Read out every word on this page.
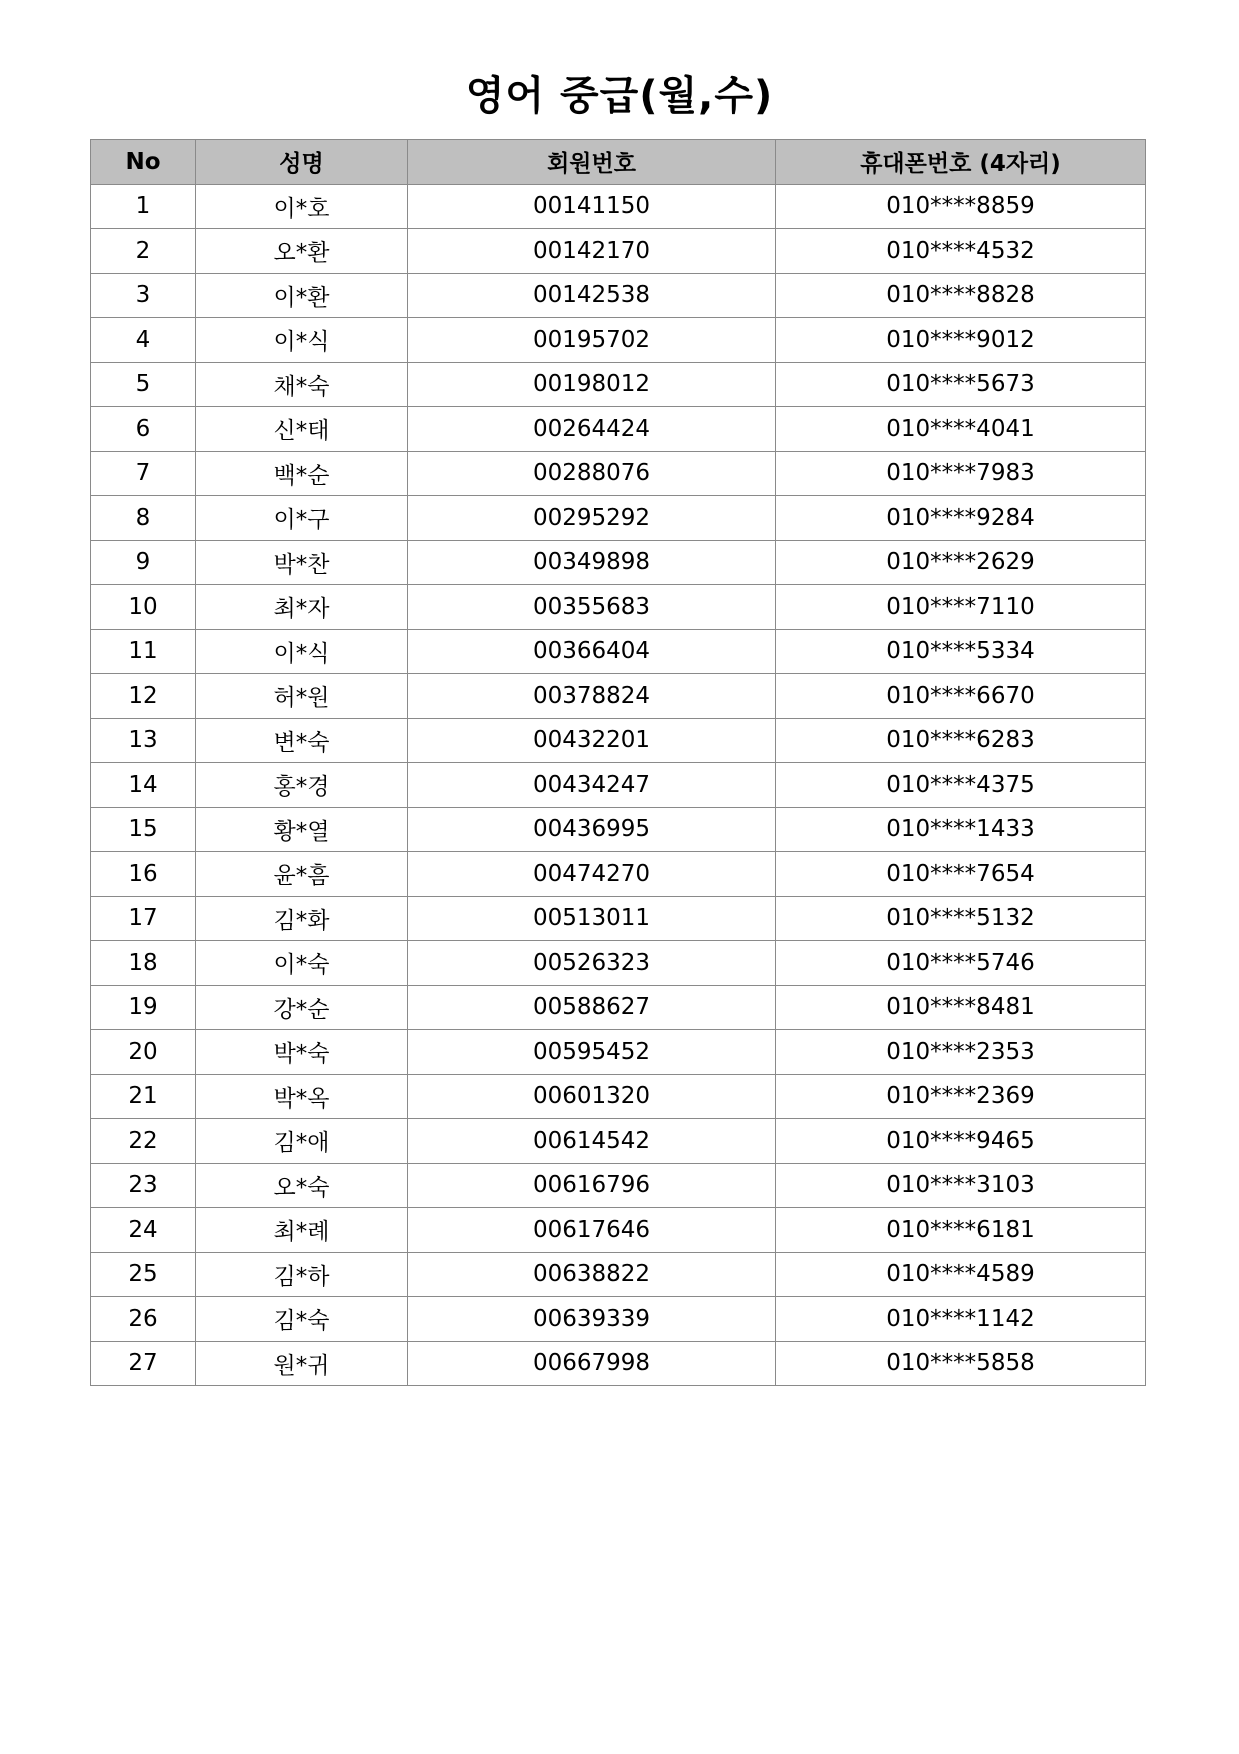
영어 중급(월,수)
No	성명	회원번호	휴대폰번호 (4자리)
1	이*호	00141150	010****8859
2	오*환	00142170	010****4532
3	이*환	00142538	010****8828
4	이*식	00195702	010****9012
5	채*숙	00198012	010****5673
6	신*태	00264424	010****4041
7	백*순	00288076	010****7983
8	이*구	00295292	010****9284
9	박*찬	00349898	010****2629
10	최*자	00355683	010****7110
11	이*식	00366404	010****5334
12	허*원	00378824	010****6670
13	변*숙	00432201	010****6283
14	홍*경	00434247	010****4375
15	황*열	00436995	010****1433
16	윤*흠	00474270	010****7654
17	김*화	00513011	010****5132
18	이*숙	00526323	010****5746
19	강*순	00588627	010****8481
20	박*숙	00595452	010****2353
21	박*옥	00601320	010****2369
22	김*애	00614542	010****9465
23	오*숙	00616796	010****3103
24	최*례	00617646	010****6181
25	김*하	00638822	010****4589
26	김*숙	00639339	010****1142
27	원*귀	00667998	010****5858
